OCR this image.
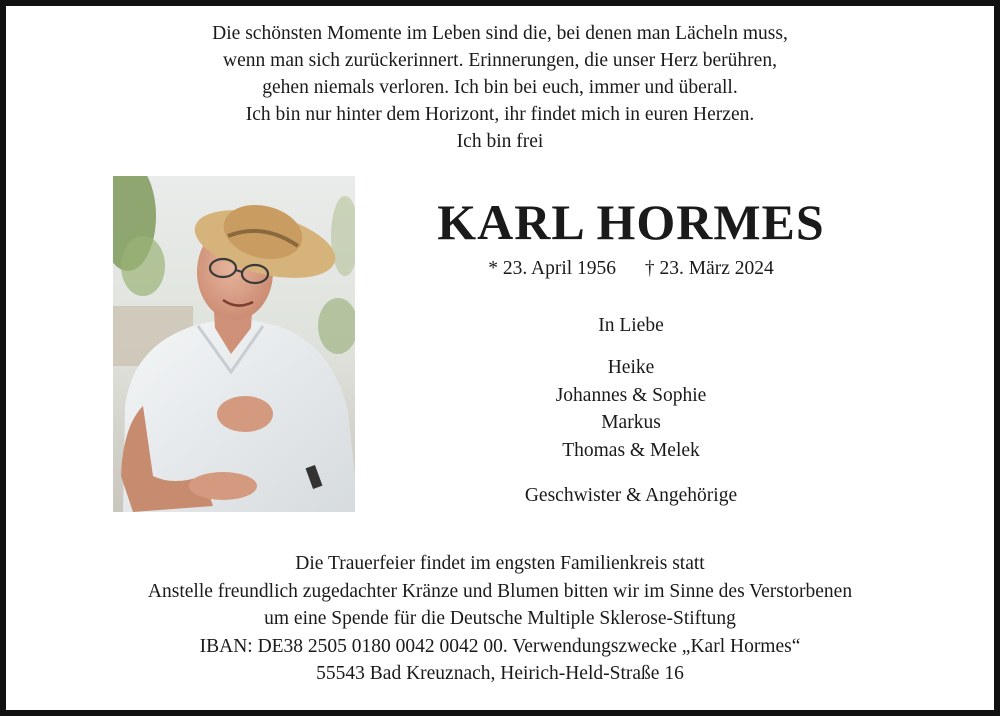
Die schönsten Momente im Leben sind die, bei denen man Lächeln muss,
wenn man sich zurückerinnert. Erinnerungen, die unser Herz berühren,
gehen niemals verloren. Ich bin bei euch, immer und überall.
Ich bin nur hinter dem Horizont, ihr findet mich in euren Herzen.
Ich bin frei
KARL HORMES
* 23. April 1956 † 23. März 2024
In Liebe
Heike
Johannes & Sophie
Markus
Thomas & Melek
Geschwister & Angehörige
Die Trauerfeier findet im engsten Familienkreis statt
Anstelle freundlich zugedachter Kränze und Blumen bitten wir im Sinne des Verstorbenen
um eine Spende für die Deutsche Multiple Sklerose-Stiftung
IBAN: DE38 2505 0180 0042 0042 00. Verwendungszwecke „Karl Hormes“
55543 Bad Kreuznach, Heirich-Held-Straße 16
